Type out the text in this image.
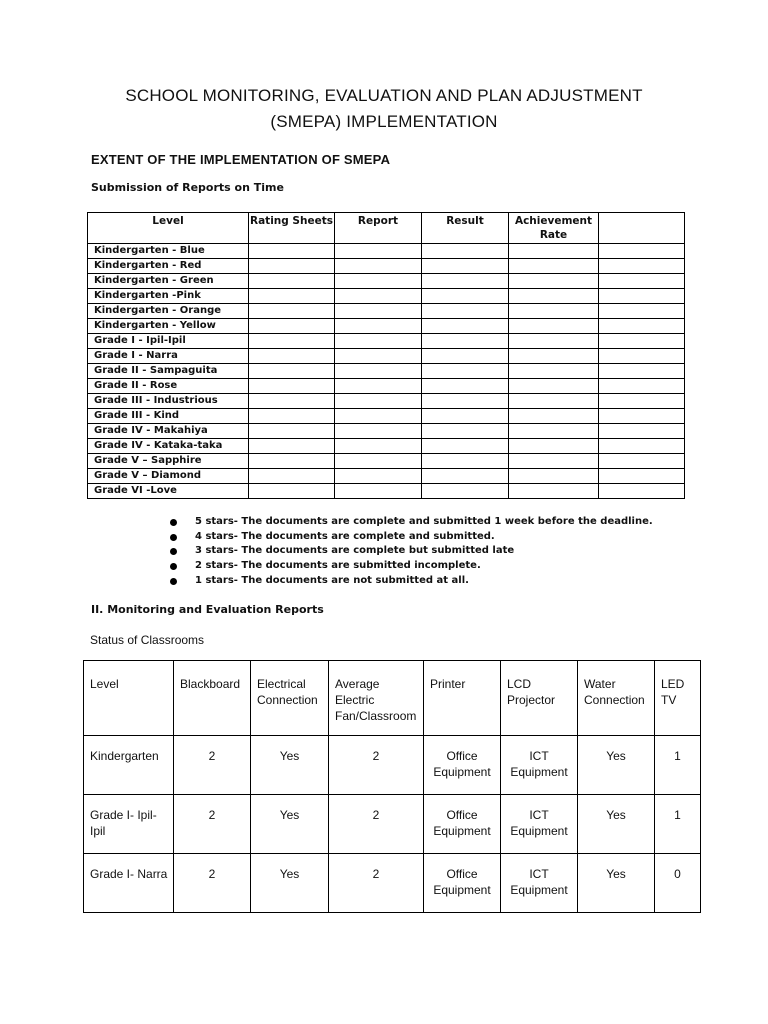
SCHOOL MONITORING, EVALUATION AND PLAN ADJUSTMENT
(SMEPA) IMPLEMENTATION
EXTENT OF THE IMPLEMENTATION OF SMEPA
Submission of Reports on Time
Level	Rating Sheets	Report	Result	Achievement Rate	
Kindergarten - Blue					
Kindergarten - Red					
Kindergarten - Green					
Kindergarten -Pink					
Kindergarten - Orange					
Kindergarten - Yellow					
Grade I - Ipil-Ipil					
Grade I - Narra					
Grade II - Sampaguita					
Grade II - Rose					
Grade III - Industrious					
Grade III - Kind					
Grade IV - Makahiya					
Grade IV - Kataka-taka					
Grade V – Sapphire					
Grade V – Diamond					
Grade VI -Love					
5 stars- The documents are complete and submitted 1 week before the deadline.
4 stars- The documents are complete and submitted.
3 stars- The documents are complete but submitted late
2 stars- The documents are submitted incomplete.
1 stars- The documents are not submitted at all.
II. Monitoring and Evaluation Reports
Status of Classrooms
Level	Blackboard	Electrical Connection	Average Electric Fan/Classroom	Printer	LCD Projector	Water Connection	LED TV
Kindergarten	2	Yes	2	Office Equipment	ICT Equipment	Yes	1
Grade I- Ipil-Ipil	2	Yes	2	Office Equipment	ICT Equipment	Yes	1
Grade I- Narra	2	Yes	2	Office Equipment	ICT Equipment	Yes	0
